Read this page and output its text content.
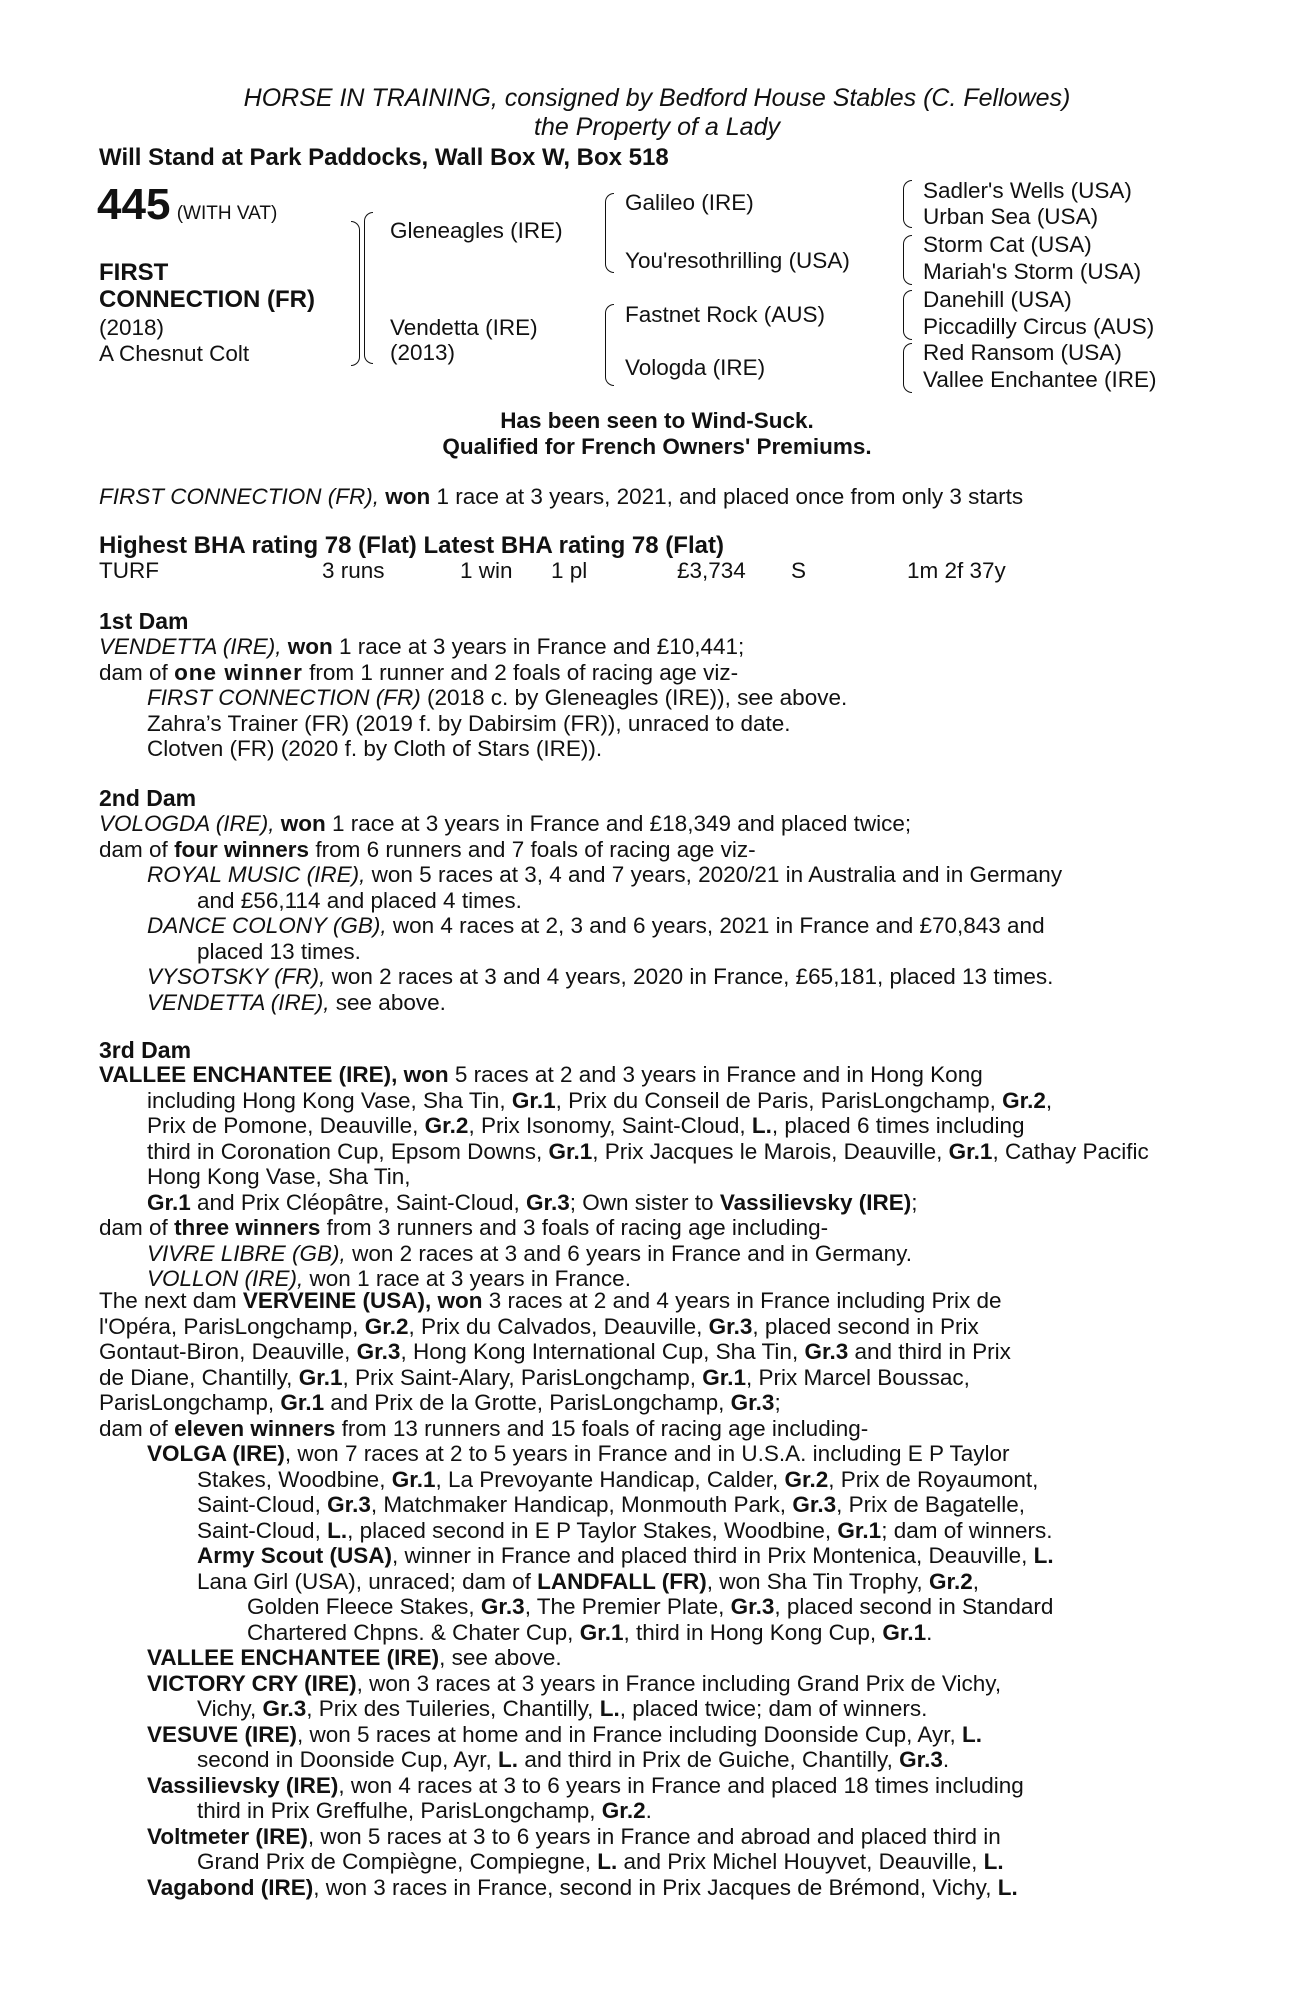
HORSE IN TRAINING, consigned by Bedford House Stables (C. Fellowes)
the Property of a Lady
Will Stand at Park Paddocks, Wall Box W, Box 518
445 (WITH VAT)
FIRST
CONNECTION (FR)
(2018)
A Chesnut Colt
Gleneagles (IRE)
Vendetta (IRE)
(2013)
Galileo (IRE)
You'resothrilling (USA)
Fastnet Rock (AUS)
Vologda (IRE)
Sadler's Wells (USA)
Urban Sea (USA)
Storm Cat (USA)
Mariah's Storm (USA)
Danehill (USA)
Piccadilly Circus (AUS)
Red Ransom (USA)
Vallee Enchantee (IRE)
Has been seen to Wind-Suck.
Qualified for French Owners' Premiums.
FIRST CONNECTION (FR), won 1 race at 3 years, 2021, and placed once from only 3 starts
Highest BHA rating 78 (Flat) Latest BHA rating 78 (Flat)
TURF	3 runs	1 win 1 pl	£3,734 S	1m 2f 37y
1st Dam
VENDETTA (IRE), won 1 race at 3 years in France and £10,441;
dam of one winner from 1 runner and 2 foals of racing age viz-
FIRST CONNECTION (FR) (2018 c. by Gleneagles (IRE)), see above.
Zahra’s Trainer (FR) (2019 f. by Dabirsim (FR)), unraced to date.
Clotven (FR) (2020 f. by Cloth of Stars (IRE)).
2nd Dam
VOLOGDA (IRE), won 1 race at 3 years in France and £18,349 and placed twice;
dam of four winners from 6 runners and 7 foals of racing age viz-
ROYAL MUSIC (IRE), won 5 races at 3, 4 and 7 years, 2020/21 in Australia and in Germany
and £56,114 and placed 4 times.
DANCE COLONY (GB), won 4 races at 2, 3 and 6 years, 2021 in France and £70,843 and
placed 13 times.
VYSOTSKY (FR), won 2 races at 3 and 4 years, 2020 in France, £65,181, placed 13 times.
VENDETTA (IRE), see above.
3rd Dam
VALLEE ENCHANTEE (IRE), won 5 races at 2 and 3 years in France and in Hong Kong
including Hong Kong Vase, Sha Tin, Gr.1, Prix du Conseil de Paris, ParisLongchamp, Gr.2,
Prix de Pomone, Deauville, Gr.2, Prix Isonomy, Saint-Cloud, L., placed 6 times including
third in Coronation Cup, Epsom Downs, Gr.1, Prix Jacques le Marois, Deauville, Gr.1, Cathay Pacific Hong Kong Vase, Sha Tin,
Gr.1 and Prix Cléopâtre, Saint-Cloud, Gr.3; Own sister to Vassilievsky (IRE);
dam of three winners from 3 runners and 3 foals of racing age including-
VIVRE LIBRE (GB), won 2 races at 3 and 6 years in France and in Germany.
VOLLON (IRE), won 1 race at 3 years in France.
The next dam VERVEINE (USA), won 3 races at 2 and 4 years in France including Prix de
l'Opéra, ParisLongchamp, Gr.2, Prix du Calvados, Deauville, Gr.3, placed second in Prix
Gontaut-Biron, Deauville, Gr.3, Hong Kong International Cup, Sha Tin, Gr.3 and third in Prix
de Diane, Chantilly, Gr.1, Prix Saint-Alary, ParisLongchamp, Gr.1, Prix Marcel Boussac,
ParisLongchamp, Gr.1 and Prix de la Grotte, ParisLongchamp, Gr.3;
dam of eleven winners from 13 runners and 15 foals of racing age including-
VOLGA (IRE), won 7 races at 2 to 5 years in France and in U.S.A. including E P Taylor
Stakes, Woodbine, Gr.1, La Prevoyante Handicap, Calder, Gr.2, Prix de Royaumont,
Saint-Cloud, Gr.3, Matchmaker Handicap, Monmouth Park, Gr.3, Prix de Bagatelle,
Saint-Cloud, L., placed second in E P Taylor Stakes, Woodbine, Gr.1; dam of winners.
Army Scout (USA), winner in France and placed third in Prix Montenica, Deauville, L.
Lana Girl (USA), unraced; dam of LANDFALL (FR), won Sha Tin Trophy, Gr.2,
Golden Fleece Stakes, Gr.3, The Premier Plate, Gr.3, placed second in Standard
Chartered Chpns. & Chater Cup, Gr.1, third in Hong Kong Cup, Gr.1.
VALLEE ENCHANTEE (IRE), see above.
VICTORY CRY (IRE), won 3 races at 3 years in France including Grand Prix de Vichy,
Vichy, Gr.3, Prix des Tuileries, Chantilly, L., placed twice; dam of winners.
VESUVE (IRE), won 5 races at home and in France including Doonside Cup, Ayr, L.
second in Doonside Cup, Ayr, L. and third in Prix de Guiche, Chantilly, Gr.3.
Vassilievsky (IRE), won 4 races at 3 to 6 years in France and placed 18 times including
third in Prix Greffulhe, ParisLongchamp, Gr.2.
Voltmeter (IRE), won 5 races at 3 to 6 years in France and abroad and placed third in
Grand Prix de Compiègne, Compiegne, L. and Prix Michel Houyvet, Deauville, L.
Vagabond (IRE), won 3 races in France, second in Prix Jacques de Brémond, Vichy, L.
